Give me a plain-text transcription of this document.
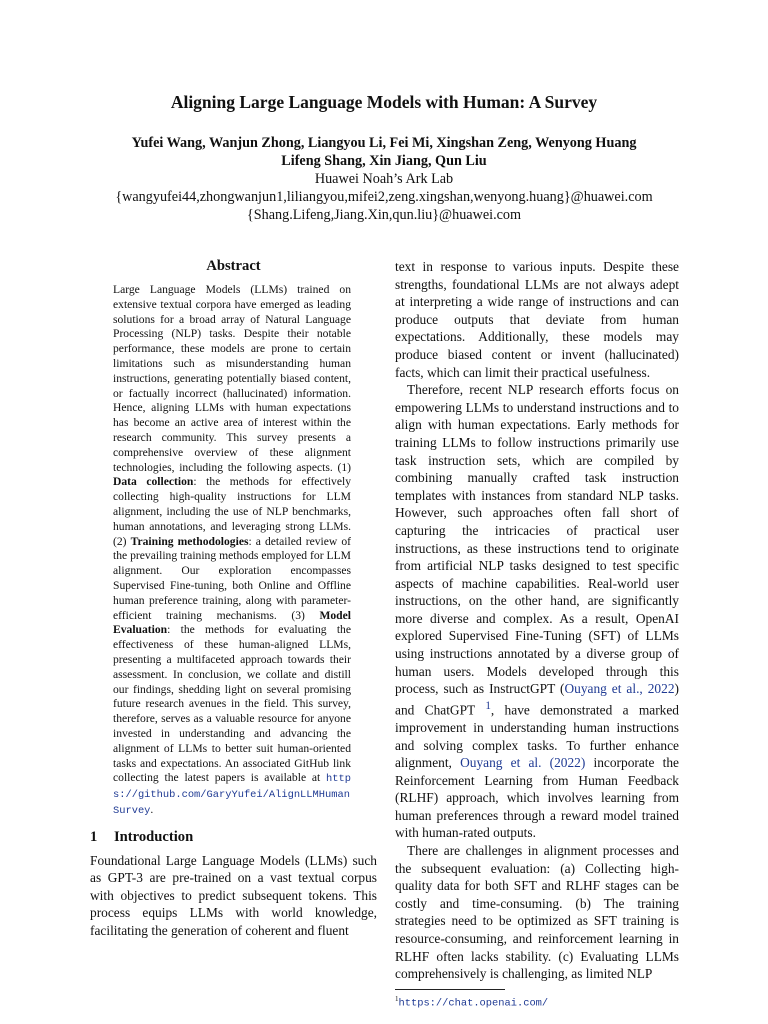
Aligning Large Language Models with Human: A Survey
Yufei Wang, Wanjun Zhong, Liangyou Li, Fei Mi, Xingshan Zeng, Wenyong Huang
Lifeng Shang, Xin Jiang, Qun Liu
Huawei Noah’s Ark Lab
{wangyufei44,zhongwanjun1,liliangyou,mifei2,zeng.xingshan,wenyong.huang}@huawei.com
{Shang.Lifeng,Jiang.Xin,qun.liu}@huawei.com
Abstract

Large Language Models (LLMs) trained on extensive textual corpora have emerged as leading solutions for a broad array of Natural Language Processing (NLP) tasks. Despite their notable performance, these models are prone to certain limitations such as misunderstanding human instructions, generating potentially biased content, or factually incorrect (hallucinated) information. Hence, aligning LLMs with human expectations has become an active area of interest within the research community. This survey presents a comprehensive overview of these alignment technologies, including the following aspects. (1) Data collection: the methods for effectively collecting high-quality instructions for LLM alignment, including the use of NLP benchmarks, human annotations, and leveraging strong LLMs. (2) Training methodologies: a detailed review of the prevailing training methods employed for LLM alignment. Our exploration encompasses Supervised Fine-tuning, both Online and Offline human preference training, along with parameter-efficient training mechanisms. (3) Model Evaluation: the methods for evaluating the effectiveness of these human-aligned LLMs, presenting a multifaceted approach towards their assessment. In conclusion, we collate and distill our findings, shedding light on several promising future research avenues in the field. This survey, therefore, serves as a valuable resource for anyone invested in understanding and advancing the alignment of LLMs to better suit human-oriented tasks and expectations. An associated GitHub link collecting the latest papers is available at https://github.com/GaryYufei/AlignLLMHumanSurvey.

1 Introduction

Foundational Large Language Models (LLMs) such as GPT-3 are pre-trained on a vast textual corpus with objectives to predict subsequent tokens. This process equips LLMs with world knowledge, facilitating the generation of coherent and fluent

text in response to various inputs. Despite these strengths, foundational LLMs are not always adept at interpreting a wide range of instructions and can produce outputs that deviate from human expectations. Additionally, these models may produce biased content or invent (hallucinated) facts, which can limit their practical usefulness.

Therefore, recent NLP research efforts focus on empowering LLMs to understand instructions and to align with human expectations. Early methods for training LLMs to follow instructions primarily use task instruction sets, which are compiled by combining manually crafted task instruction templates with instances from standard NLP tasks. However, such approaches often fall short of capturing the intricacies of practical user instructions, as these instructions tend to originate from artificial NLP tasks designed to test specific aspects of machine capabilities. Real-world user instructions, on the other hand, are significantly more diverse and complex. As a result, OpenAI explored Supervised Fine-Tuning (SFT) of LLMs using instructions annotated by a diverse group of human users. Models developed through this process, such as InstructGPT (Ouyang et al., 2022) and ChatGPT $^1$, have demonstrated a marked improvement in understanding human instructions and solving complex tasks. To further enhance alignment, Ouyang et al. (2022) incorporate the Reinforcement Learning from Human Feedback (RLHF) approach, which involves learning from human preferences through a reward model trained with human-rated outputs.

There are challenges in alignment processes and the subsequent evaluation: (a) Collecting high-quality data for both SFT and RLHF stages can be costly and time-consuming. (b) The training strategies need to be optimized as SFT training is resource-consuming, and reinforcement learning in RLHF often lacks stability. (c) Evaluating LLMs comprehensively is challenging, as limited NLP

$^1$https://chat.openai.com/
